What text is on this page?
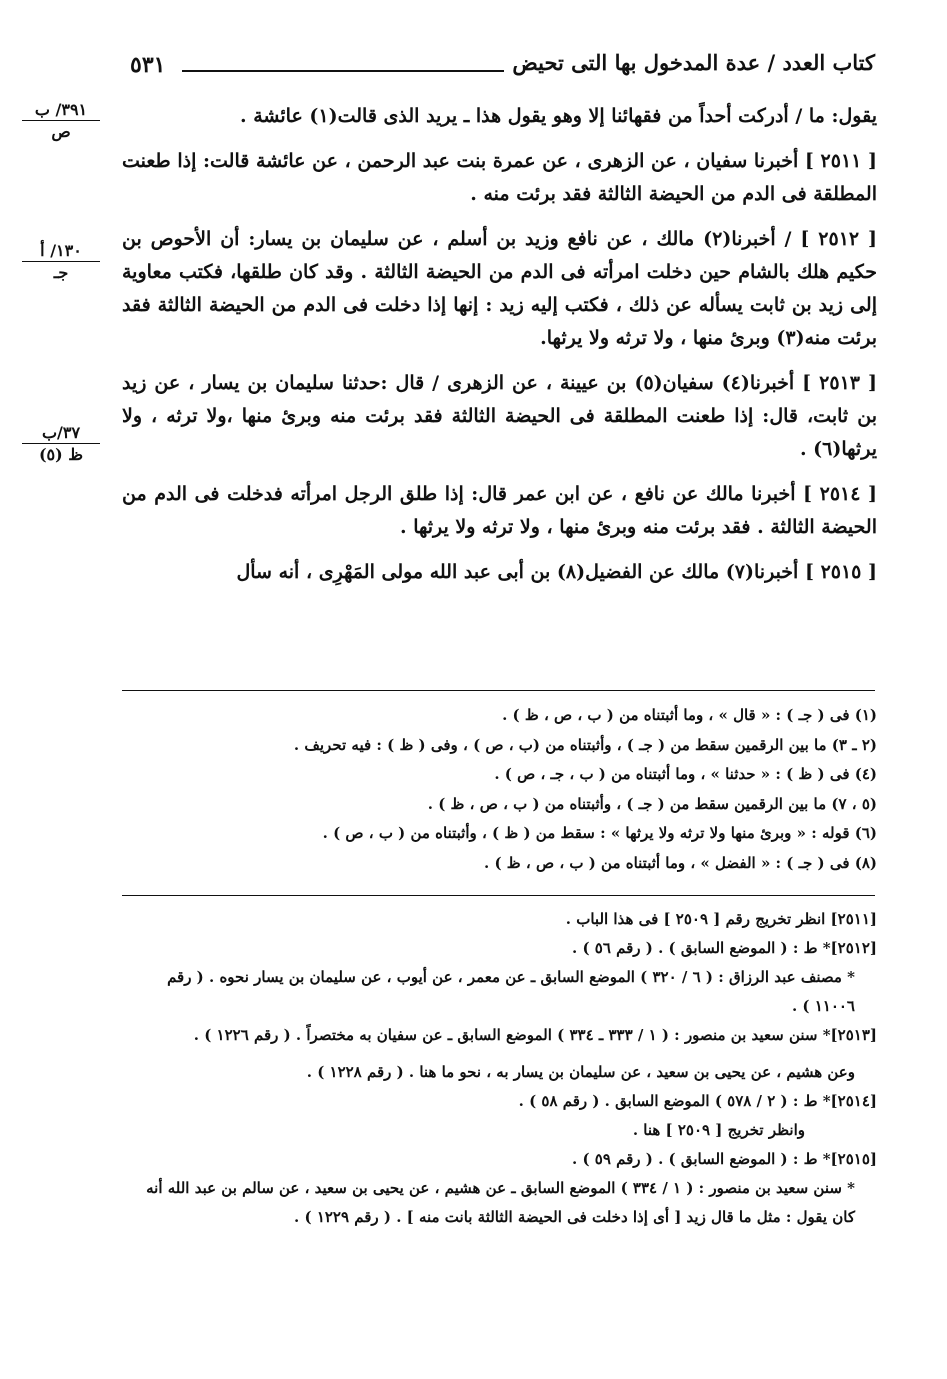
٥٣١	كتاب العدد / عدة المدخول بها التى تحيض
٣٩١/ ب
ص
١٣٠/ أ
جـ
٣٧/ب
ظ (٥)

يقول: ما / أدركت أحداً من فقهائنا إلا وهو يقول هذا ـ يريد الذى قالت(١) عائشة .

[ ٢٥١١ ] أخبرنا سفيان ، عن الزهرى ، عن عمرة بنت عبد الرحمن ، عن عائشة قالت: إذا طعنت المطلقة فى الدم من الحيضة الثالثة فقد برئت منه .

[ ٢٥١٢ ] / أخبرنا(٢) مالك ، عن نافع وزيد بن أسلم ، عن سليمان بن يسار: أن الأحوص بن حكيم هلك بالشام حين دخلت امرأته فى الدم من الحيضة الثالثة . وقد كان طلقها، فكتب معاوية إلى زيد بن ثابت يسأله عن ذلك ، فكتب إليه زيد : إنها إذا دخلت فى الدم من الحيضة الثالثة فقد برئت منه(٣) وبرئ منها ، ولا ترثه ولا يرثها.

[ ٢٥١٣ ] أخبرنا(٤) سفيان(٥) بن عيينة ، عن الزهرى / قال :حدثنا سليمان بن يسار ، عن زيد بن ثابت، قال: إذا طعنت المطلقة فى الحيضة الثالثة فقد برئت منه وبرئ منها ،ولا ترثه ، ولا يرثها(٦) .

[ ٢٥١٤ ] أخبرنا مالك عن نافع ، عن ابن عمر قال: إذا طلق الرجل امرأته فدخلت فى الدم من الحيضة الثالثة . فقد برئت منه وبرئ منها ، ولا ترثه ولا يرثها .

[ ٢٥١٥ ] أخبرنا(٧) مالك عن الفضيل(٨) بن أبى عبد الله مولى المَهْرِى ، أنه سأل

(١) فى ( جـ ) : « قال » ، وما أثبتناه من ( ب ، ص ، ظ ) .
(٢ ـ ٣) ما بين الرقمين سقط من ( جـ ) ، وأثبتناه من (ب ، ص ) ، وفى ( ظ ) : فيه تحريف .
(٤) فى ( ظ ) : « حدثنا » ، وما أثبتناه من ( ب ، جـ ، ص ) .
(٥ ، ٧) ما بين الرقمين سقط من ( جـ ) ، وأثبتناه من ( ب ، ص ، ظ ) .
(٦) قوله : « وبرئ منها ولا ترثه ولا يرثها » : سقط من ( ظ ) ، وأثبتناه من ( ب ، ص ) .
(٨) فى ( جـ ) : « الفضل » ، وما أثبتناه من ( ب ، ص ، ظ ) .
[٢٥١١] انظر تخريج رقم [ ٢٥٠٩ ] فى هذا الباب .
[٢٥١٢]* ط : ( الموضع السابق ) . ( رقم ٥٦ ) .
* مصنف عبد الرزاق : ( ٦ / ٣٢٠ ) الموضع السابق ـ عن معمر ، عن أيوب ، عن سليمان بن يسار نحوه . ( رقم ١١٠٠٦ ) .
[٢٥١٣]* سنن سعيد بن منصور : ( ١ / ٣٣٣ ـ ٣٣٤ ) الموضع السابق ـ عن سفيان به مختصراً . ( رقم ١٢٢٦ ) .
وعن هشيم ، عن يحيى بن سعيد ، عن سليمان بن يسار به ، نحو ما هنا . ( رقم ١٢٢٨ ) .
[٢٥١٤]* ط : ( ٢ / ٥٧٨ ) الموضع السابق . ( رقم ٥٨ ) .
وانظر تخريج [ ٢٥٠٩ ] هنا .
[٢٥١٥]* ط : ( الموضع السابق ) . ( رقم ٥٩ ) .
* سنن سعيد بن منصور : ( ١ / ٣٣٤ ) الموضع السابق ـ عن هشيم ، عن يحيى بن سعيد ، عن سالم بن عبد الله أنه كان يقول : مثل ما قال زيد [ أى إذا دخلت فى الحيضة الثالثة بانت منه ] . ( رقم ١٢٢٩ ) .
